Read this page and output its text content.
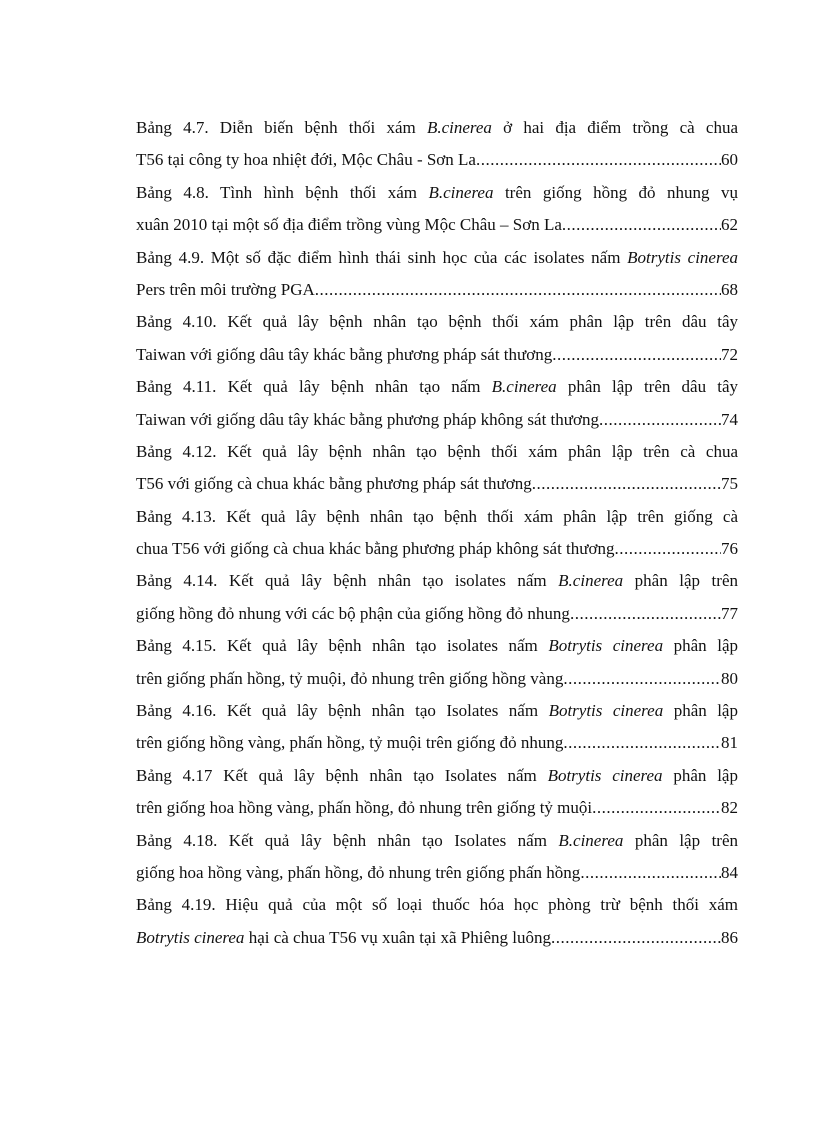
Bảng 4.7. Diễn biến bệnh thối xám B.cinerea ở hai địa điểm trồng cà chua
T56 tại công ty hoa nhiệt đới, Mộc Châu - Sơn La .....	60
Bảng 4.8. Tình hình bệnh thối xám B.cinerea trên giống hồng đỏ nhung vụ
xuân 2010 tại một số địa điểm trồng vùng Mộc Châu – Sơn La .....	62
Bảng 4.9. Một số đặc điểm hình thái sinh học của các isolates nấm Botrytis cinerea
Pers trên môi trường PGA .....	68
Bảng 4.10. Kết quả lây bệnh nhân tạo bệnh thối xám phân lập trên dâu tây
Taiwan với giống dâu tây khác bằng phương pháp sát thương .....	72
Bảng 4.11. Kết quả lây bệnh nhân tạo nấm B.cinerea phân lập trên dâu tây
Taiwan với giống dâu tây khác bằng phương pháp không sát thương .....	74
Bảng 4.12. Kết quả lây bệnh nhân tạo bệnh thối xám phân lập trên cà chua
T56 với giống cà chua khác bằng phương pháp sát thương .....	75
Bảng 4.13. Kết quả lây bệnh nhân tạo bệnh thối xám phân lập trên giống cà
chua T56 với giống cà chua khác bằng phương pháp không sát thương .....	76
Bảng 4.14. Kết quả lây bệnh nhân tạo isolates nấm B.cinerea phân lập trên
giống hồng đỏ nhung với các bộ phận của giống hồng đỏ nhung .....	77
Bảng 4.15. Kết quả lây bệnh nhân tạo isolates nấm Botrytis cinerea phân lập
trên giống phấn hồng, tỷ muội, đỏ nhung trên giống hồng vàng .....	80
Bảng 4.16. Kết quả lây bệnh nhân tạo Isolates nấm Botrytis cinerea phân lập
trên giống hồng vàng, phấn hồng, tỷ muội trên giống đỏ nhung .....	81
Bảng 4.17 Kết quả lây bệnh nhân tạo Isolates nấm Botrytis cinerea phân lập
trên giống hoa hồng vàng, phấn hồng, đỏ nhung trên giống tỷ muội .....	82
Bảng 4.18. Kết quả lây bệnh nhân tạo Isolates nấm B.cinerea phân lập trên
giống hoa hồng vàng, phấn hồng, đỏ nhung trên giống phấn hồng .....	84
Bảng 4.19. Hiệu quả của một số loại thuốc hóa học phòng trừ bệnh thối xám
Botrytis cinerea hại cà chua T56 vụ xuân tại xã Phiêng luông .....	86
